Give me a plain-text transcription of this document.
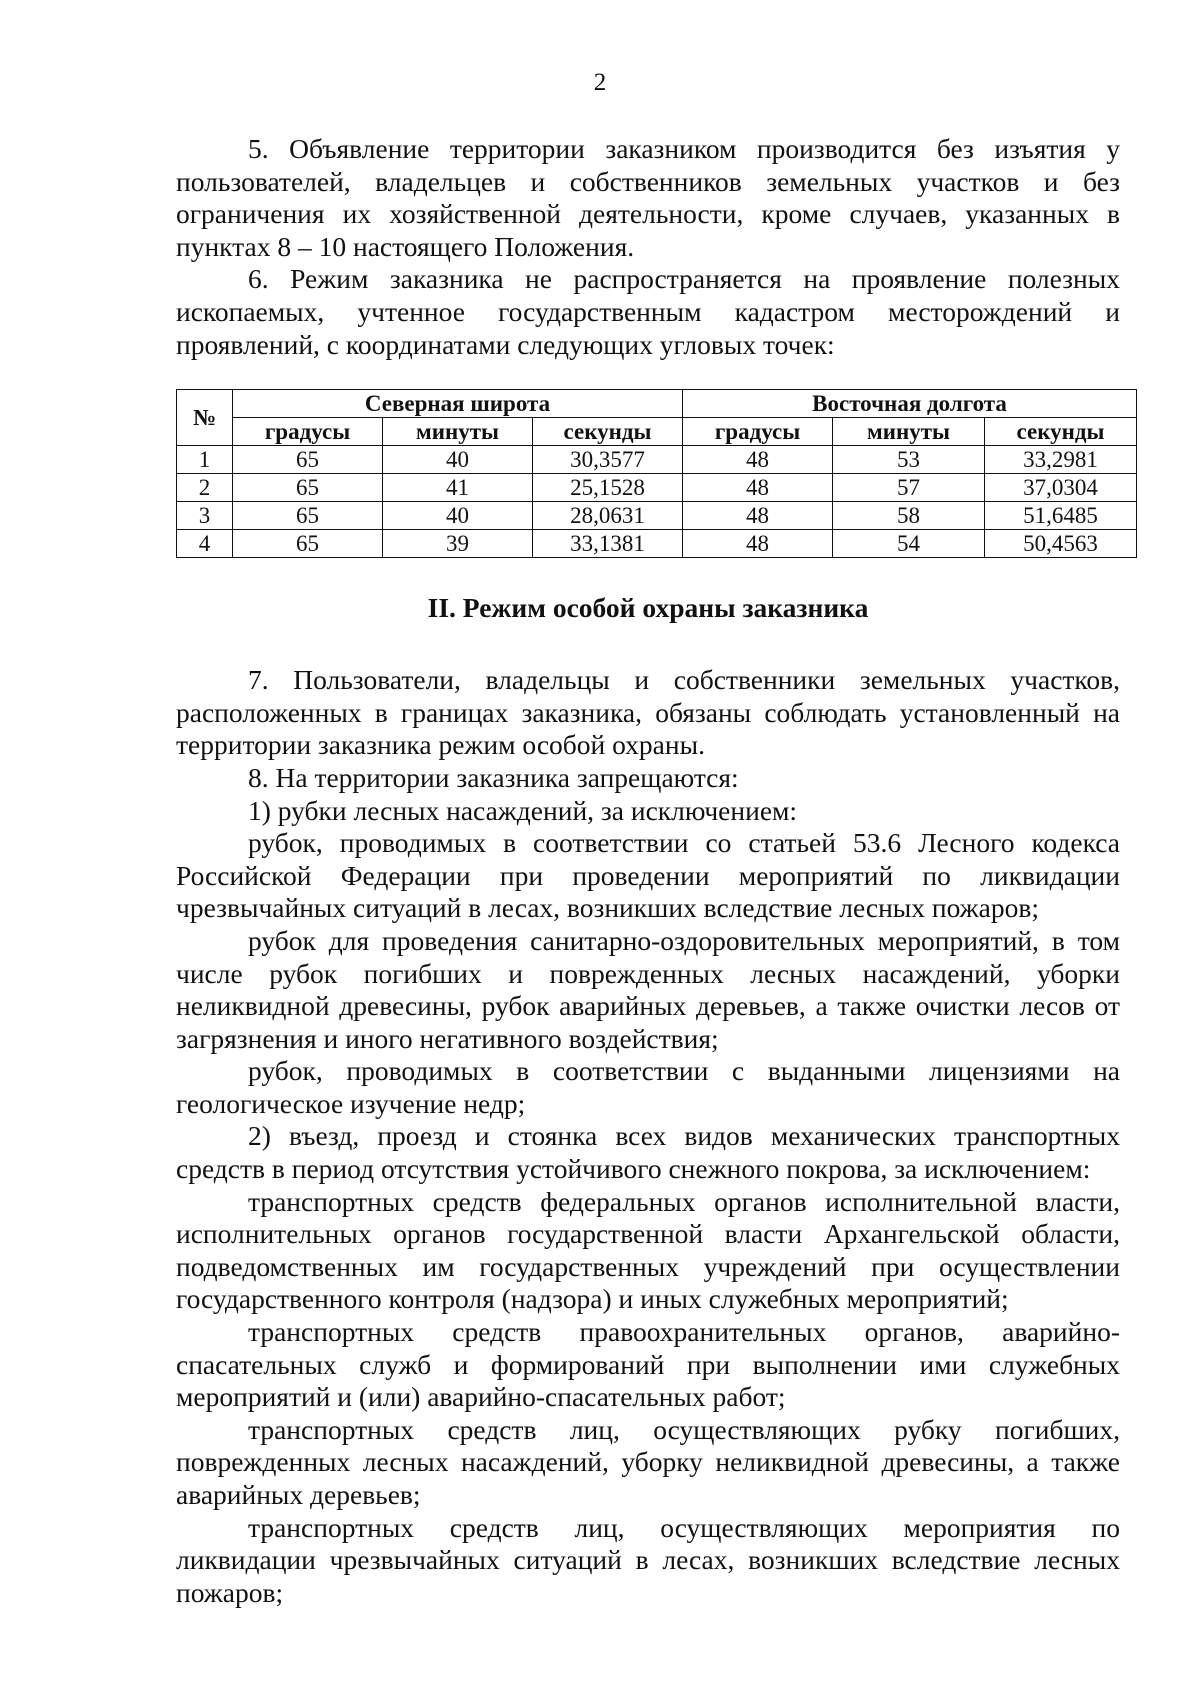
2

5. Объявление территории заказником производится без изъятия у пользователей, владельцев и собственников земельных участков и без ограничения их хозяйственной деятельности, кроме случаев, указанных в пунктах 8 – 10 настоящего Положения.

6. Режим заказника не распространяется на проявление полезных ископаемых, учтенное государственным кадастром месторождений и проявлений, с координатами следующих угловых точек:

№	Северная широта			Восточная долгота		
	градусы	минуты	секунды	градусы	минуты	секунды
1	65	40	30,3577	48	53	33,2981
2	65	41	25,1528	48	57	37,0304
3	65	40	28,0631	48	58	51,6485
4	65	39	33,1381	48	54	50,4563
II. Режим особой охраны заказника

7. Пользователи, владельцы и собственники земельных участков, расположенных в границах заказника, обязаны соблюдать установленный на территории заказника режим особой охраны.

8. На территории заказника запрещаются:

1) рубки лесных насаждений, за исключением:

рубок, проводимых в соответствии со статьей 53.6 Лесного кодекса Российской Федерации при проведении мероприятий по ликвидации чрезвычайных ситуаций в лесах, возникших вследствие лесных пожаров;

рубок для проведения санитарно-оздоровительных мероприятий, в том числе рубок погибших и поврежденных лесных насаждений, уборки неликвидной древесины, рубок аварийных деревьев, а также очистки лесов от загрязнения и иного негативного воздействия;

рубок, проводимых в соответствии с выданными лицензиями на геологическое изучение недр;

2) въезд, проезд и стоянка всех видов механических транспортных средств в период отсутствия устойчивого снежного покрова, за исключением:

транспортных средств федеральных органов исполнительной власти, исполнительных органов государственной власти Архангельской области, подведомственных им государственных учреждений при осуществлении государственного контроля (надзора) и иных служебных мероприятий;

транспортных средств правоохранительных органов, аварийно-спасательных служб и формирований при выполнении ими служебных мероприятий и (или) аварийно-спасательных работ;

транспортных средств лиц, осуществляющих рубку погибших, поврежденных лесных насаждений, уборку неликвидной древесины, а также аварийных деревьев;

транспортных средств лиц, осуществляющих мероприятия по ликвидации чрезвычайных ситуаций в лесах, возникших вследствие лесных пожаров;
